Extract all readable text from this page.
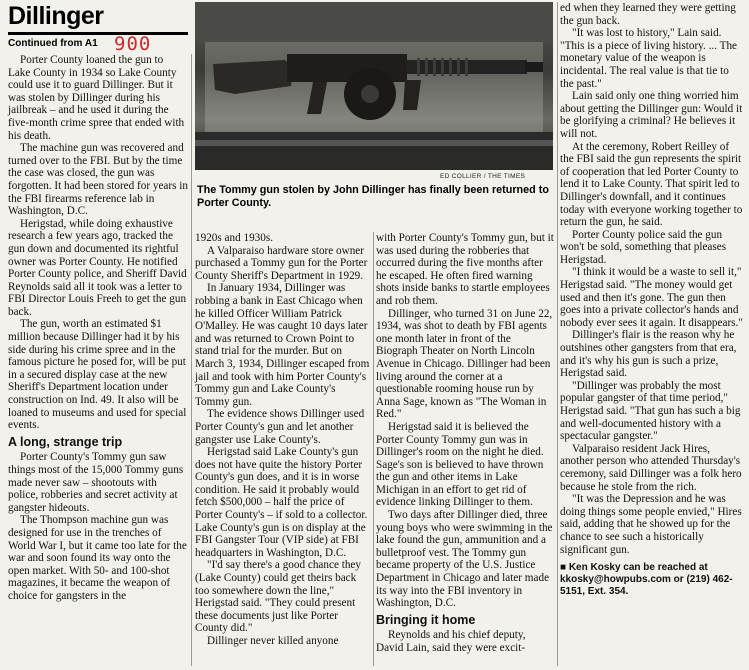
Dillinger
Continued from A1 900

Porter County loaned the gun to Lake County in 1934 so Lake County could use it to guard Dillinger. But it was stolen by Dillinger during his jailbreak – and he used it during the five-month crime spree that ended with his death.

The machine gun was recovered and turned over to the FBI. But by the time the case was closed, the gun was forgotten. It had been stored for years in the FBI firearms reference lab in Washington, D.C.

Herigstad, while doing exhaustive research a few years ago, tracked the gun down and documented its rightful owner was Porter County. He notified Porter County police, and Sheriff David Reynolds said all it took was a letter to FBI Director Louis Freeh to get the gun back.

The gun, worth an estimated $1 million because Dillinger had it by his side during his crime spree and in the famous picture he posed for, will be put in a secured display case at the new Sheriff's Department location under construction on Ind. 49. It also will be loaned to museums and used for special events.

A long, strange trip

Porter County's Tommy gun saw things most of the 15,000 Tommy guns made never saw – shootouts with police, robberies and secret activity at gangster hideouts.

The Thompson machine gun was designed for use in the trenches of World War I, but it came too late for the war and soon found its way onto the open market. With 50- and 100-shot magazines, it became the weapon of choice for gangsters in the

ED COLLIER / THE TIMES
The Tommy gun stolen by John Dillinger has finally been returned to Porter County.

1920s and 1930s.

A Valparaiso hardware store owner purchased a Tommy gun for the Porter County Sheriff's Department in 1929.

In January 1934, Dillinger was robbing a bank in East Chicago when he killed Officer William Patrick O'Malley. He was caught 10 days later and was returned to Crown Point to stand trial for the murder. But on March 3, 1934, Dillinger escaped from jail and took with him Porter County's Tommy gun and Lake County's Tommy gun.

The evidence shows Dillinger used Porter County's gun and let another gangster use Lake County's.

Herigstad said Lake County's gun does not have quite the history Porter County's gun does, and it is in worse condition. He said it probably would fetch $500,000 – half the price of Porter County's – if sold to a collector. Lake County's gun is on display at the FBI Gangster Tour (VIP side) at FBI headquarters in Washington, D.C.

"I'd say there's a good chance they (Lake County) could get theirs back too somewhere down the line," Herigstad said. "They could present these documents just like Porter County did."

Dillinger never killed anyone

with Porter County's Tommy gun, but it was used during the robberies that occurred during the five months after he escaped. He often fired warning shots inside banks to startle employees and rob them.

Dillinger, who turned 31 on June 22, 1934, was shot to death by FBI agents one month later in front of the Biograph Theater on North Lincoln Avenue in Chicago. Dillinger had been living around the corner at a questionable rooming house run by Anna Sage, known as "The Woman in Red."

Herigstad said it is believed the Porter County Tommy gun was in Dillinger's room on the night he died. Sage's son is believed to have thrown the gun and other items in Lake Michigan in an effort to get rid of evidence linking Dillinger to them.

Two days after Dillinger died, three young boys who were swimming in the lake found the gun, ammunition and a bulletproof vest. The Tommy gun became property of the U.S. Justice Department in Chicago and later made its way into the FBI inventory in Washington, D.C.

Bringing it home

Reynolds and his chief deputy, David Lain, said they were excit-

ed when they learned they were getting the gun back.

"It was lost to history," Lain said. "This is a piece of living history. ... The monetary value of the weapon is incidental. The real value is that tie to the past."

Lain said only one thing worried him about getting the Dillinger gun: Would it be glorifying a criminal? He believes it will not.

At the ceremony, Robert Reilley of the FBI said the gun represents the spirit of cooperation that led Porter County to lend it to Lake County. That spirit led to Dillinger's downfall, and it continues today with everyone working together to return the gun, he said.

Porter County police said the gun won't be sold, something that pleases Herigstad.

"I think it would be a waste to sell it," Herigstad said. "The money would get used and then it's gone. The gun then goes into a private collector's hands and nobody ever sees it again. It disappears."

Dillinger's flair is the reason why he outshines other gangsters from that era, and it's why his gun is such a prize, Herigstad said.

"Dillinger was probably the most popular gangster of that time period," Herigstad said. "That gun has such a big and well-documented history with a spectacular gangster."

Valparaiso resident Jack Hires, another person who attended Thursday's ceremony, said Dillinger was a folk hero because he stole from the rich.

"It was the Depression and he was doing things some people envied," Hires said, adding that he showed up for the chance to see such a historically significant gun.

■ Ken Kosky can be reached at kkosky@howpubs.com or (219) 462-5151, Ext. 354.
